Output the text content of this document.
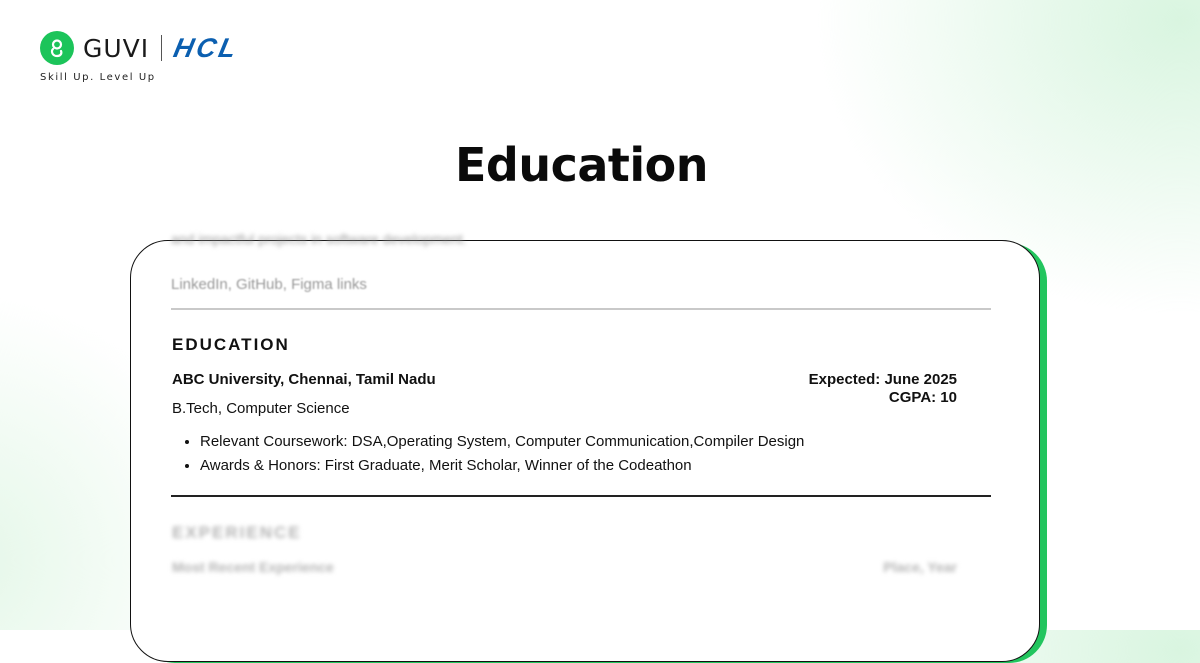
GUVI HCL
Skill Up. Level Up
Education
and impactful projects in software development.
LinkedIn, GitHub, Figma links
EDUCATION
ABC University, Chennai, Tamil Nadu	Expected: June 2025
CGPA: 10
B.Tech, Computer Science
• Relevant Coursework: DSA,Operating System, Computer Communication,Compiler Design
• Awards & Honors: First Graduate, Merit Scholar, Winner of the Codeathon
EXPERIENCE
Most Recent Experience	Place, Year
